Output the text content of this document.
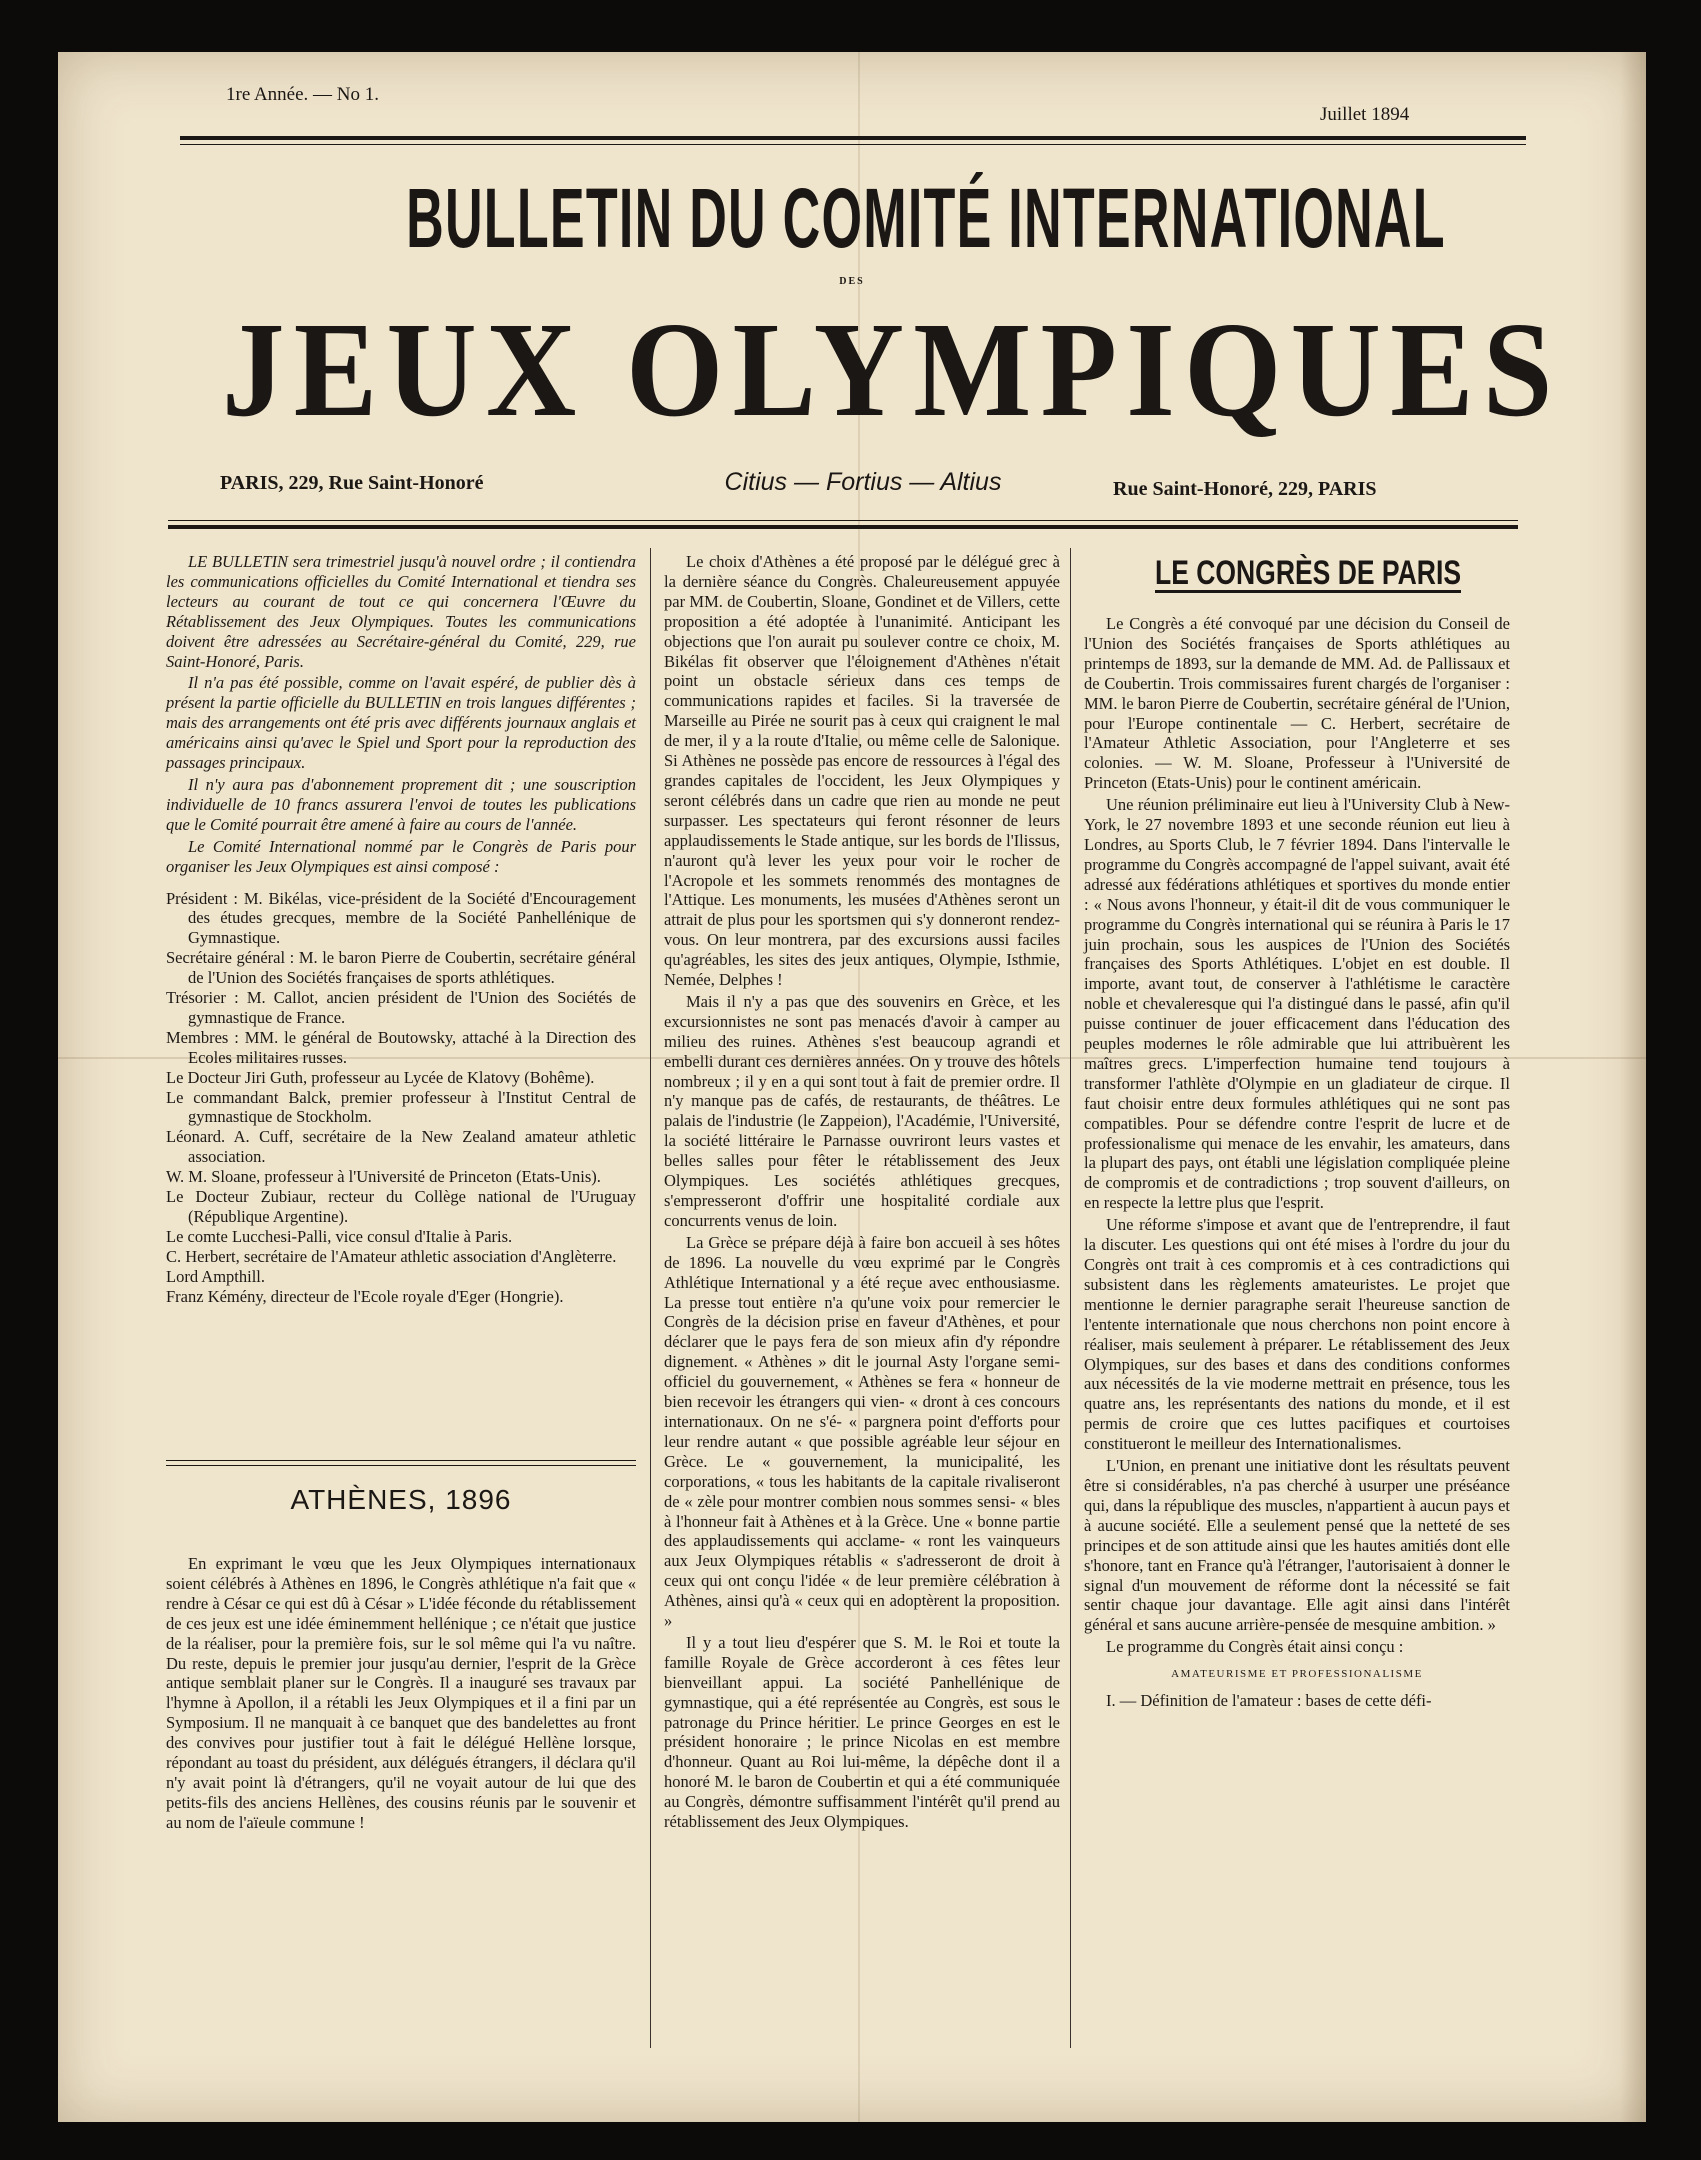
1re Année. — No 1.
Juillet 1894
BULLETIN DU COMITÉ INTERNATIONAL
DES
JEUX OLYMPIQUES
PARIS, 229, Rue Saint-Honoré	Citius — Fortius — Altius	Rue Saint-Honoré, 229, PARIS

LE BULLETIN sera trimestriel jusqu'à nouvel ordre ; il contiendra les communications officielles du Comité International et tiendra ses lecteurs au courant de tout ce qui concernera l'Œuvre du Rétablissement des Jeux Olympiques. Toutes les communications doivent être adressées au Secrétaire-général du Comité, 229, rue Saint-Honoré, Paris.

Il n'a pas été possible, comme on l'avait espéré, de publier dès à présent la partie officielle du BULLETIN en trois langues différentes ; mais des arrangements ont été pris avec différents journaux anglais et américains ainsi qu'avec le Spiel und Sport pour la reproduction des passages principaux.

Il n'y aura pas d'abonnement proprement dit ; une souscription individuelle de 10 francs assurera l'envoi de toutes les publications que le Comité pourrait être amené à faire au cours de l'année.

Le Comité International nommé par le Congrès de Paris pour organiser les Jeux Olympiques est ainsi composé :

Président : M. Bikélas, vice-président de la Société d'Encouragement des études grecques, membre de la Société Panhellénique de Gymnastique.
Secrétaire général : M. le baron Pierre de Coubertin, secrétaire général de l'Union des Sociétés françaises de sports athlétiques.
Trésorier : M. Callot, ancien président de l'Union des Sociétés de gymnastique de France.
Membres : MM. le général de Boutowsky, attaché à la Direction des Ecoles militaires russes.
Le Docteur Jiri Guth, professeur au Lycée de Klatovy (Bohême).
Le commandant Balck, premier professeur à l'Institut Central de gymnastique de Stockholm.
Léonard. A. Cuff, secrétaire de la New Zealand amateur athletic association.
W. M. Sloane, professeur à l'Université de Princeton (Etats-Unis).
Le Docteur Zubiaur, recteur du Collège national de l'Uruguay (République Argentine).
Le comte Lucchesi-Palli, vice consul d'Italie à Paris.
C. Herbert, secrétaire de l'Amateur athletic association d'Anglèterre.
Lord Ampthill.
Franz Kémény, directeur de l'Ecole royale d'Eger (Hongrie).
ATHÈNES, 1896

En exprimant le vœu que les Jeux Olympiques internationaux soient célébrés à Athènes en 1896, le Congrès athlétique n'a fait que « rendre à César ce qui est dû à César » L'idée féconde du rétablissement de ces jeux est une idée éminemment hellénique ; ce n'était que justice de la réaliser, pour la première fois, sur le sol même qui l'a vu naître. Du reste, depuis le premier jour jusqu'au dernier, l'esprit de la Grèce antique semblait planer sur le Congrès. Il a inauguré ses travaux par l'hymne à Apollon, il a rétabli les Jeux Olympiques et il a fini par un Symposium. Il ne manquait à ce banquet que des bandelettes au front des convives pour justifier tout à fait le délégué Hellène lorsque, répondant au toast du président, aux délégués étrangers, il déclara qu'il n'y avait point là d'étrangers, qu'il ne voyait autour de lui que des petits-fils des anciens Hellènes, des cousins réunis par le souvenir et au nom de l'aïeule commune !

Le choix d'Athènes a été proposé par le délégué grec à la dernière séance du Congrès. Chaleureusement appuyée par MM. de Coubertin, Sloane, Gondinet et de Villers, cette proposition a été adoptée à l'unanimité. Anticipant les objections que l'on aurait pu soulever contre ce choix, M. Bikélas fit observer que l'éloignement d'Athènes n'était point un obstacle sérieux dans ces temps de communications rapides et faciles. Si la traversée de Marseille au Pirée ne sourit pas à ceux qui craignent le mal de mer, il y a la route d'Italie, ou même celle de Salonique. Si Athènes ne possède pas encore de ressources à l'égal des grandes capitales de l'occident, les Jeux Olympiques y seront célébrés dans un cadre que rien au monde ne peut surpasser. Les spectateurs qui feront résonner de leurs applaudissements le Stade antique, sur les bords de l'Ilissus, n'auront qu'à lever les yeux pour voir le rocher de l'Acropole et les sommets renommés des montagnes de l'Attique. Les monuments, les musées d'Athènes seront un attrait de plus pour les sportsmen qui s'y donneront rendez-vous. On leur montrera, par des excursions aussi faciles qu'agréables, les sites des jeux antiques, Olympie, Isthmie, Nemée, Delphes !

Mais il n'y a pas que des souvenirs en Grèce, et les excursionnistes ne sont pas menacés d'avoir à camper au milieu des ruines. Athènes s'est beaucoup agrandi et embelli durant ces dernières années. On y trouve des hôtels nombreux ; il y en a qui sont tout à fait de premier ordre. Il n'y manque pas de cafés, de restaurants, de théâtres. Le palais de l'industrie (le Zappeion), l'Académie, l'Université, la société littéraire le Parnasse ouvriront leurs vastes et belles salles pour fêter le rétablissement des Jeux Olympiques. Les sociétés athlétiques grecques, s'empresseront d'offrir une hospitalité cordiale aux concurrents venus de loin.

La Grèce se prépare déjà à faire bon accueil à ses hôtes de 1896. La nouvelle du vœu exprimé par le Congrès Athlétique International y a été reçue avec enthousiasme. La presse tout entière n'a qu'une voix pour remercier le Congrès de la décision prise en faveur d'Athènes, et pour déclarer que le pays fera de son mieux afin d'y répondre dignement. « Athènes » dit le journal Asty l'organe semi-officiel du gouvernement, « Athènes se fera « honneur de bien recevoir les étrangers qui vien- « dront à ces concours internationaux. On ne s'é- « pargnera point d'efforts pour leur rendre autant « que possible agréable leur séjour en Grèce. Le « gouvernement, la municipalité, les corporations, « tous les habitants de la capitale rivaliseront de « zèle pour montrer combien nous sommes sensi- « bles à l'honneur fait à Athènes et à la Grèce. Une « bonne partie des applaudissements qui acclame- « ront les vainqueurs aux Jeux Olympiques rétablis « s'adresseront de droit à ceux qui ont conçu l'idée « de leur première célébration à Athènes, ainsi qu'à « ceux qui en adoptèrent la proposition. »

Il y a tout lieu d'espérer que S. M. le Roi et toute la famille Royale de Grèce accorderont à ces fêtes leur bienveillant appui. La société Panhellénique de gymnastique, qui a été représentée au Congrès, est sous le patronage du Prince héritier. Le prince Georges en est le président honoraire ; le prince Nicolas en est membre d'honneur. Quant au Roi lui-même, la dépêche dont il a honoré M. le baron de Coubertin et qui a été communiquée au Congrès, démontre suffisamment l'intérêt qu'il prend au rétablissement des Jeux Olympiques.

LE CONGRÈS DE PARIS

Le Congrès a été convoqué par une décision du Conseil de l'Union des Sociétés françaises de Sports athlétiques au printemps de 1893, sur la demande de MM. Ad. de Pallissaux et de Coubertin. Trois commissaires furent chargés de l'organiser : MM. le baron Pierre de Coubertin, secrétaire général de l'Union, pour l'Europe continentale — C. Herbert, secrétaire de l'Amateur Athletic Association, pour l'Angleterre et ses colonies. — W. M. Sloane, Professeur à l'Université de Princeton (Etats-Unis) pour le continent américain.

Une réunion préliminaire eut lieu à l'University Club à New-York, le 27 novembre 1893 et une seconde réunion eut lieu à Londres, au Sports Club, le 7 février 1894. Dans l'intervalle le programme du Congrès accompagné de l'appel suivant, avait été adressé aux fédérations athlétiques et sportives du monde entier : « Nous avons l'honneur, y était-il dit de vous communiquer le programme du Congrès international qui se réunira à Paris le 17 juin prochain, sous les auspices de l'Union des Sociétés françaises des Sports Athlétiques. L'objet en est double. Il importe, avant tout, de conserver à l'athlétisme le caractère noble et chevaleresque qui l'a distingué dans le passé, afin qu'il puisse continuer de jouer efficacement dans l'éducation des peuples modernes le rôle admirable que lui attribuèrent les maîtres grecs. L'imperfection humaine tend toujours à transformer l'athlète d'Olympie en un gladiateur de cirque. Il faut choisir entre deux formules athlétiques qui ne sont pas compatibles. Pour se défendre contre l'esprit de lucre et de professionalisme qui menace de les envahir, les amateurs, dans la plupart des pays, ont établi une législation compliquée pleine de compromis et de contradictions ; trop souvent d'ailleurs, on en respecte la lettre plus que l'esprit.

Une réforme s'impose et avant que de l'entreprendre, il faut la discuter. Les questions qui ont été mises à l'ordre du jour du Congrès ont trait à ces compromis et à ces contradictions qui subsistent dans les règlements amateuristes. Le projet que mentionne le dernier paragraphe serait l'heureuse sanction de l'entente internationale que nous cherchons non point encore à réaliser, mais seulement à préparer. Le rétablissement des Jeux Olympiques, sur des bases et dans des conditions conformes aux nécessités de la vie moderne mettrait en présence, tous les quatre ans, les représentants des nations du monde, et il est permis de croire que ces luttes pacifiques et courtoises constitueront le meilleur des Internationalismes.

L'Union, en prenant une initiative dont les résultats peuvent être si considérables, n'a pas cherché à usurper une préséance qui, dans la république des muscles, n'appartient à aucun pays et à aucune société. Elle a seulement pensé que la netteté de ses principes et de son attitude ainsi que les hautes amitiés dont elle s'honore, tant en France qu'à l'étranger, l'autorisaient à donner le signal d'un mouvement de réforme dont la nécessité se fait sentir chaque jour davantage. Elle agit ainsi dans l'intérêt général et sans aucune arrière-pensée de mesquine ambition. »

Le programme du Congrès était ainsi conçu :

AMATEURISME ET PROFESSIONALISME

I. — Définition de l'amateur : bases de cette défi-
